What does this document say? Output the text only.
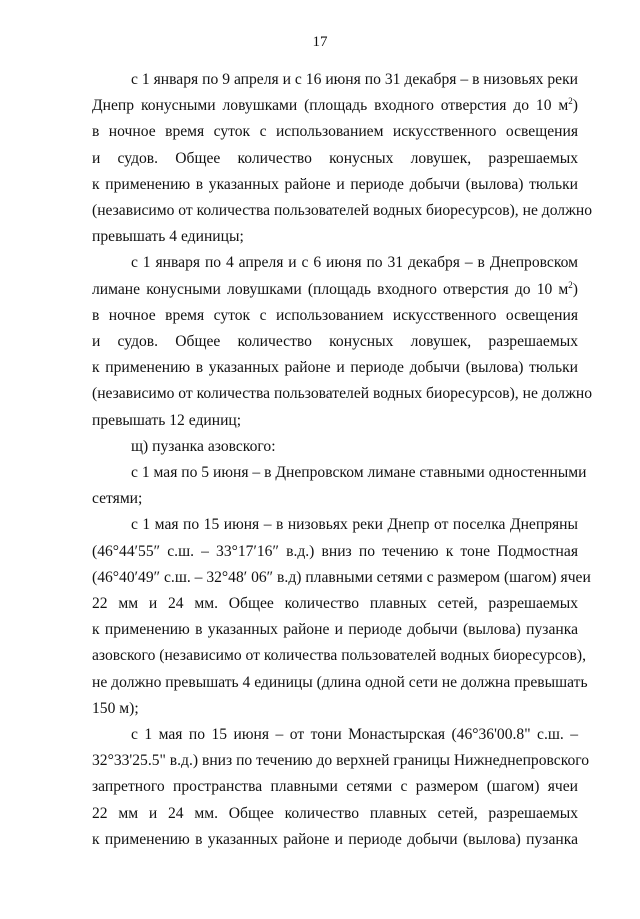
17
с 1 января по 9 апреля и с 16 июня по 31 декабря – в низовьях реки
Днепр конусными ловушками (площадь входного отверстия до 10 $м^2$)
в ночное время суток с использованием искусственного освещения
и судов. Общее количество конусных ловушек, разрешаемых
к применению в указанных районе и периоде добычи (вылова) тюльки
(независимо от количества пользователей водных биоресурсов), не должно
превышать 4 единицы;
с 1 января по 4 апреля и с 6 июня по 31 декабря – в Днепровском
лимане конусными ловушками (площадь входного отверстия до 10 $м^2$)
в ночное время суток с использованием искусственного освещения
и судов. Общее количество конусных ловушек, разрешаемых
к применению в указанных районе и периоде добычи (вылова) тюльки
(независимо от количества пользователей водных биоресурсов), не должно
превышать 12 единиц;
щ) пузанка азовского:
с 1 мая по 5 июня – в Днепровском лимане ставными одностенными
сетями;
с 1 мая по 15 июня – в низовьях реки Днепр от поселка Днепряны
(46°44′55″ с.ш. – 33°17′16″ в.д.) вниз по течению к тоне Подмостная
(46°40′49″ с.ш. – 32°48′ 06″ в.д) плавными сетями с размером (шагом) ячеи
22 мм и 24 мм. Общее количество плавных сетей, разрешаемых
к применению в указанных районе и периоде добычи (вылова) пузанка
азовского (независимо от количества пользователей водных биоресурсов),
не должно превышать 4 единицы (длина одной сети не должна превышать
150 м);
с 1 мая по 15 июня – от тони Монастырская (46°36'00.8" с.ш. –
32°33'25.5" в.д.) вниз по течению до верхней границы Нижнеднепровского
запретного пространства плавными сетями с размером (шагом) ячеи
22 мм и 24 мм. Общее количество плавных сетей, разрешаемых
к применению в указанных районе и периоде добычи (вылова) пузанка
